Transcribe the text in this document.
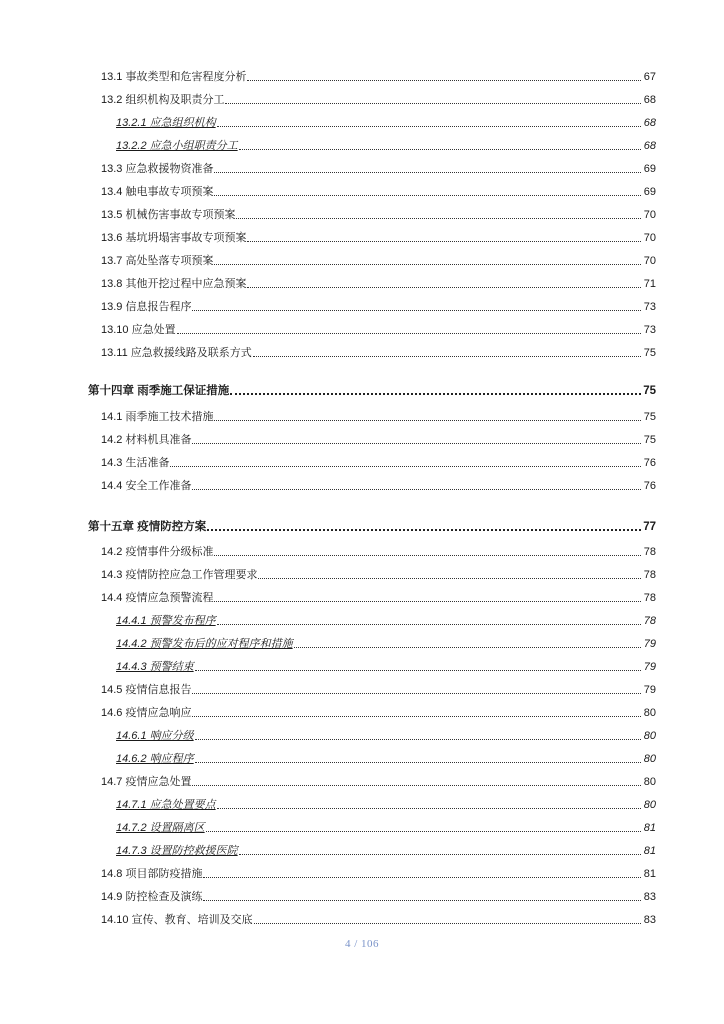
13.1 事故类型和危害程度分析	67
13.2 组织机构及职责分工	68
13.2.1 应急组织机构	68
13.2.2 应急小组职责分工	68
13.3 应急救援物资准备	69
13.4 触电事故专项预案	69
13.5 机械伤害事故专项预案	70
13.6 基坑坍塌害事故专项预案	70
13.7 高处坠落专项预案	70
13.8 其他开挖过程中应急预案	71
13.9 信息报告程序	73
13.10 应急处置	73
13.11 应急救援线路及联系方式	75
第十四章 雨季施工保证措施	75
14.1 雨季施工技术措施	75
14.2 材料机具准备	75
14.3 生活准备	76
14.4 安全工作准备	76
第十五章 疫情防控方案	77
14.2 疫情事件分级标准	78
14.3 疫情防控应急工作管理要求	78
14.4 疫情应急预警流程	78
14.4.1 预警发布程序	78
14.4.2 预警发布后的应对程序和措施	79
14.4.3 预警结束	79
14.5 疫情信息报告	79
14.6 疫情应急响应	80
14.6.1 响应分级	80
14.6.2 响应程序	80
14.7 疫情应急处置	80
14.7.1 应急处置要点	80
14.7.2 设置隔离区	81
14.7.3 设置防控救援医院	81
14.8 项目部防疫措施	81
14.9 防控检查及演练	83
14.10 宣传、教育、培训及交底	83
4 / 106
